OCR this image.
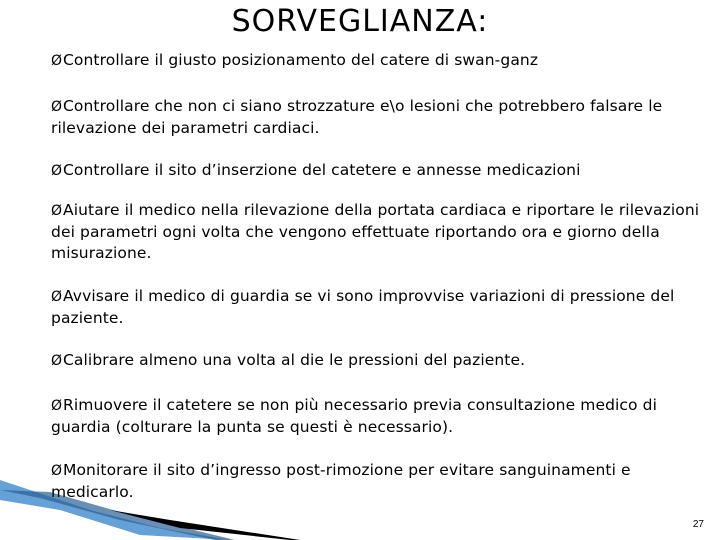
SORVEGLIANZA:
ØControllare il giusto posizionamento del catere di swan-ganz
ØControllare che non ci siano strozzature e\o lesioni che potrebbero falsare le rilevazione dei parametri cardiaci.
ØControllare il sito d’inserzione del catetere e annesse medicazioni
ØAiutare il medico nella rilevazione della portata cardiaca e riportare le rilevazioni dei parametri ogni volta che vengono effettuate riportando ora e giorno della misurazione.
ØAvvisare il medico di guardia se vi sono improvvise variazioni di pressione del paziente.
ØCalibrare almeno una volta al die le pressioni del paziente.
ØRimuovere il catetere se non più necessario previa consultazione medico di guardia (colturare la punta se questi è necessario).
ØMonitorare il sito d’ingresso post-rimozione per evitare sanguinamenti e medicarlo.
27
